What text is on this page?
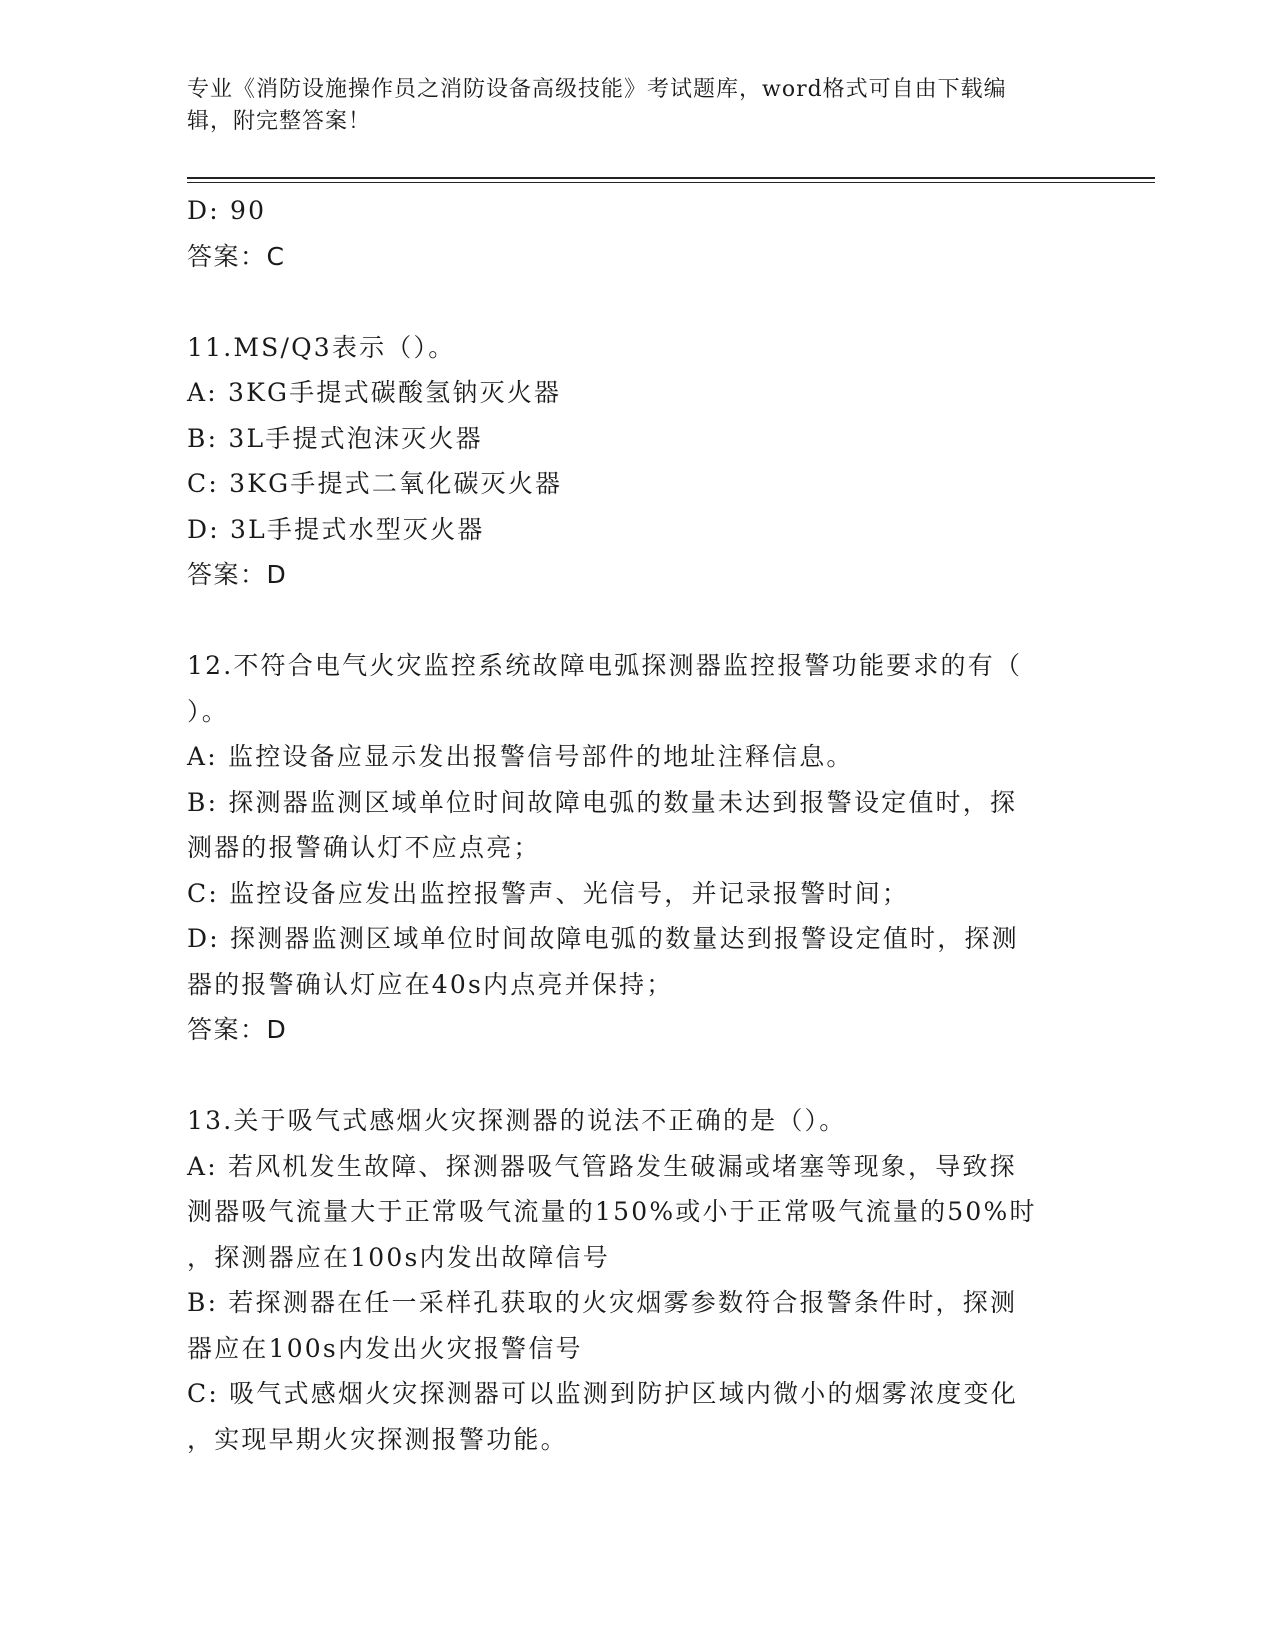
专业《消防设施操作员之消防设备高级技能》考试题库，word格式可自由下载编
辑，附完整答案！
D: 90
答案：C
11.MS/Q3表示（）。
A: 3KG手提式碳酸氢钠灭火器
B: 3L手提式泡沫灭火器
C: 3KG手提式二氧化碳灭火器
D: 3L手提式水型灭火器
答案：D
12.不符合电气火灾监控系统故障电弧探测器监控报警功能要求的有（
）。
A: 监控设备应显示发出报警信号部件的地址注释信息。
B: 探测器监测区域单位时间故障电弧的数量未达到报警设定值时，探
测器的报警确认灯不应点亮；
C: 监控设备应发出监控报警声、光信号，并记录报警时间；
D: 探测器监测区域单位时间故障电弧的数量达到报警设定值时，探测
器的报警确认灯应在40s内点亮并保持；
答案：D
13.关于吸气式感烟火灾探测器的说法不正确的是（）。
A: 若风机发生故障、探测器吸气管路发生破漏或堵塞等现象，导致探
测器吸气流量大于正常吸气流量的150%或小于正常吸气流量的50%时
，探测器应在100s内发出故障信号
B: 若探测器在任一采样孔获取的火灾烟雾参数符合报警条件时，探测
器应在100s内发出火灾报警信号
C: 吸气式感烟火灾探测器可以监测到防护区域内微小的烟雾浓度变化
，实现早期火灾探测报警功能。
